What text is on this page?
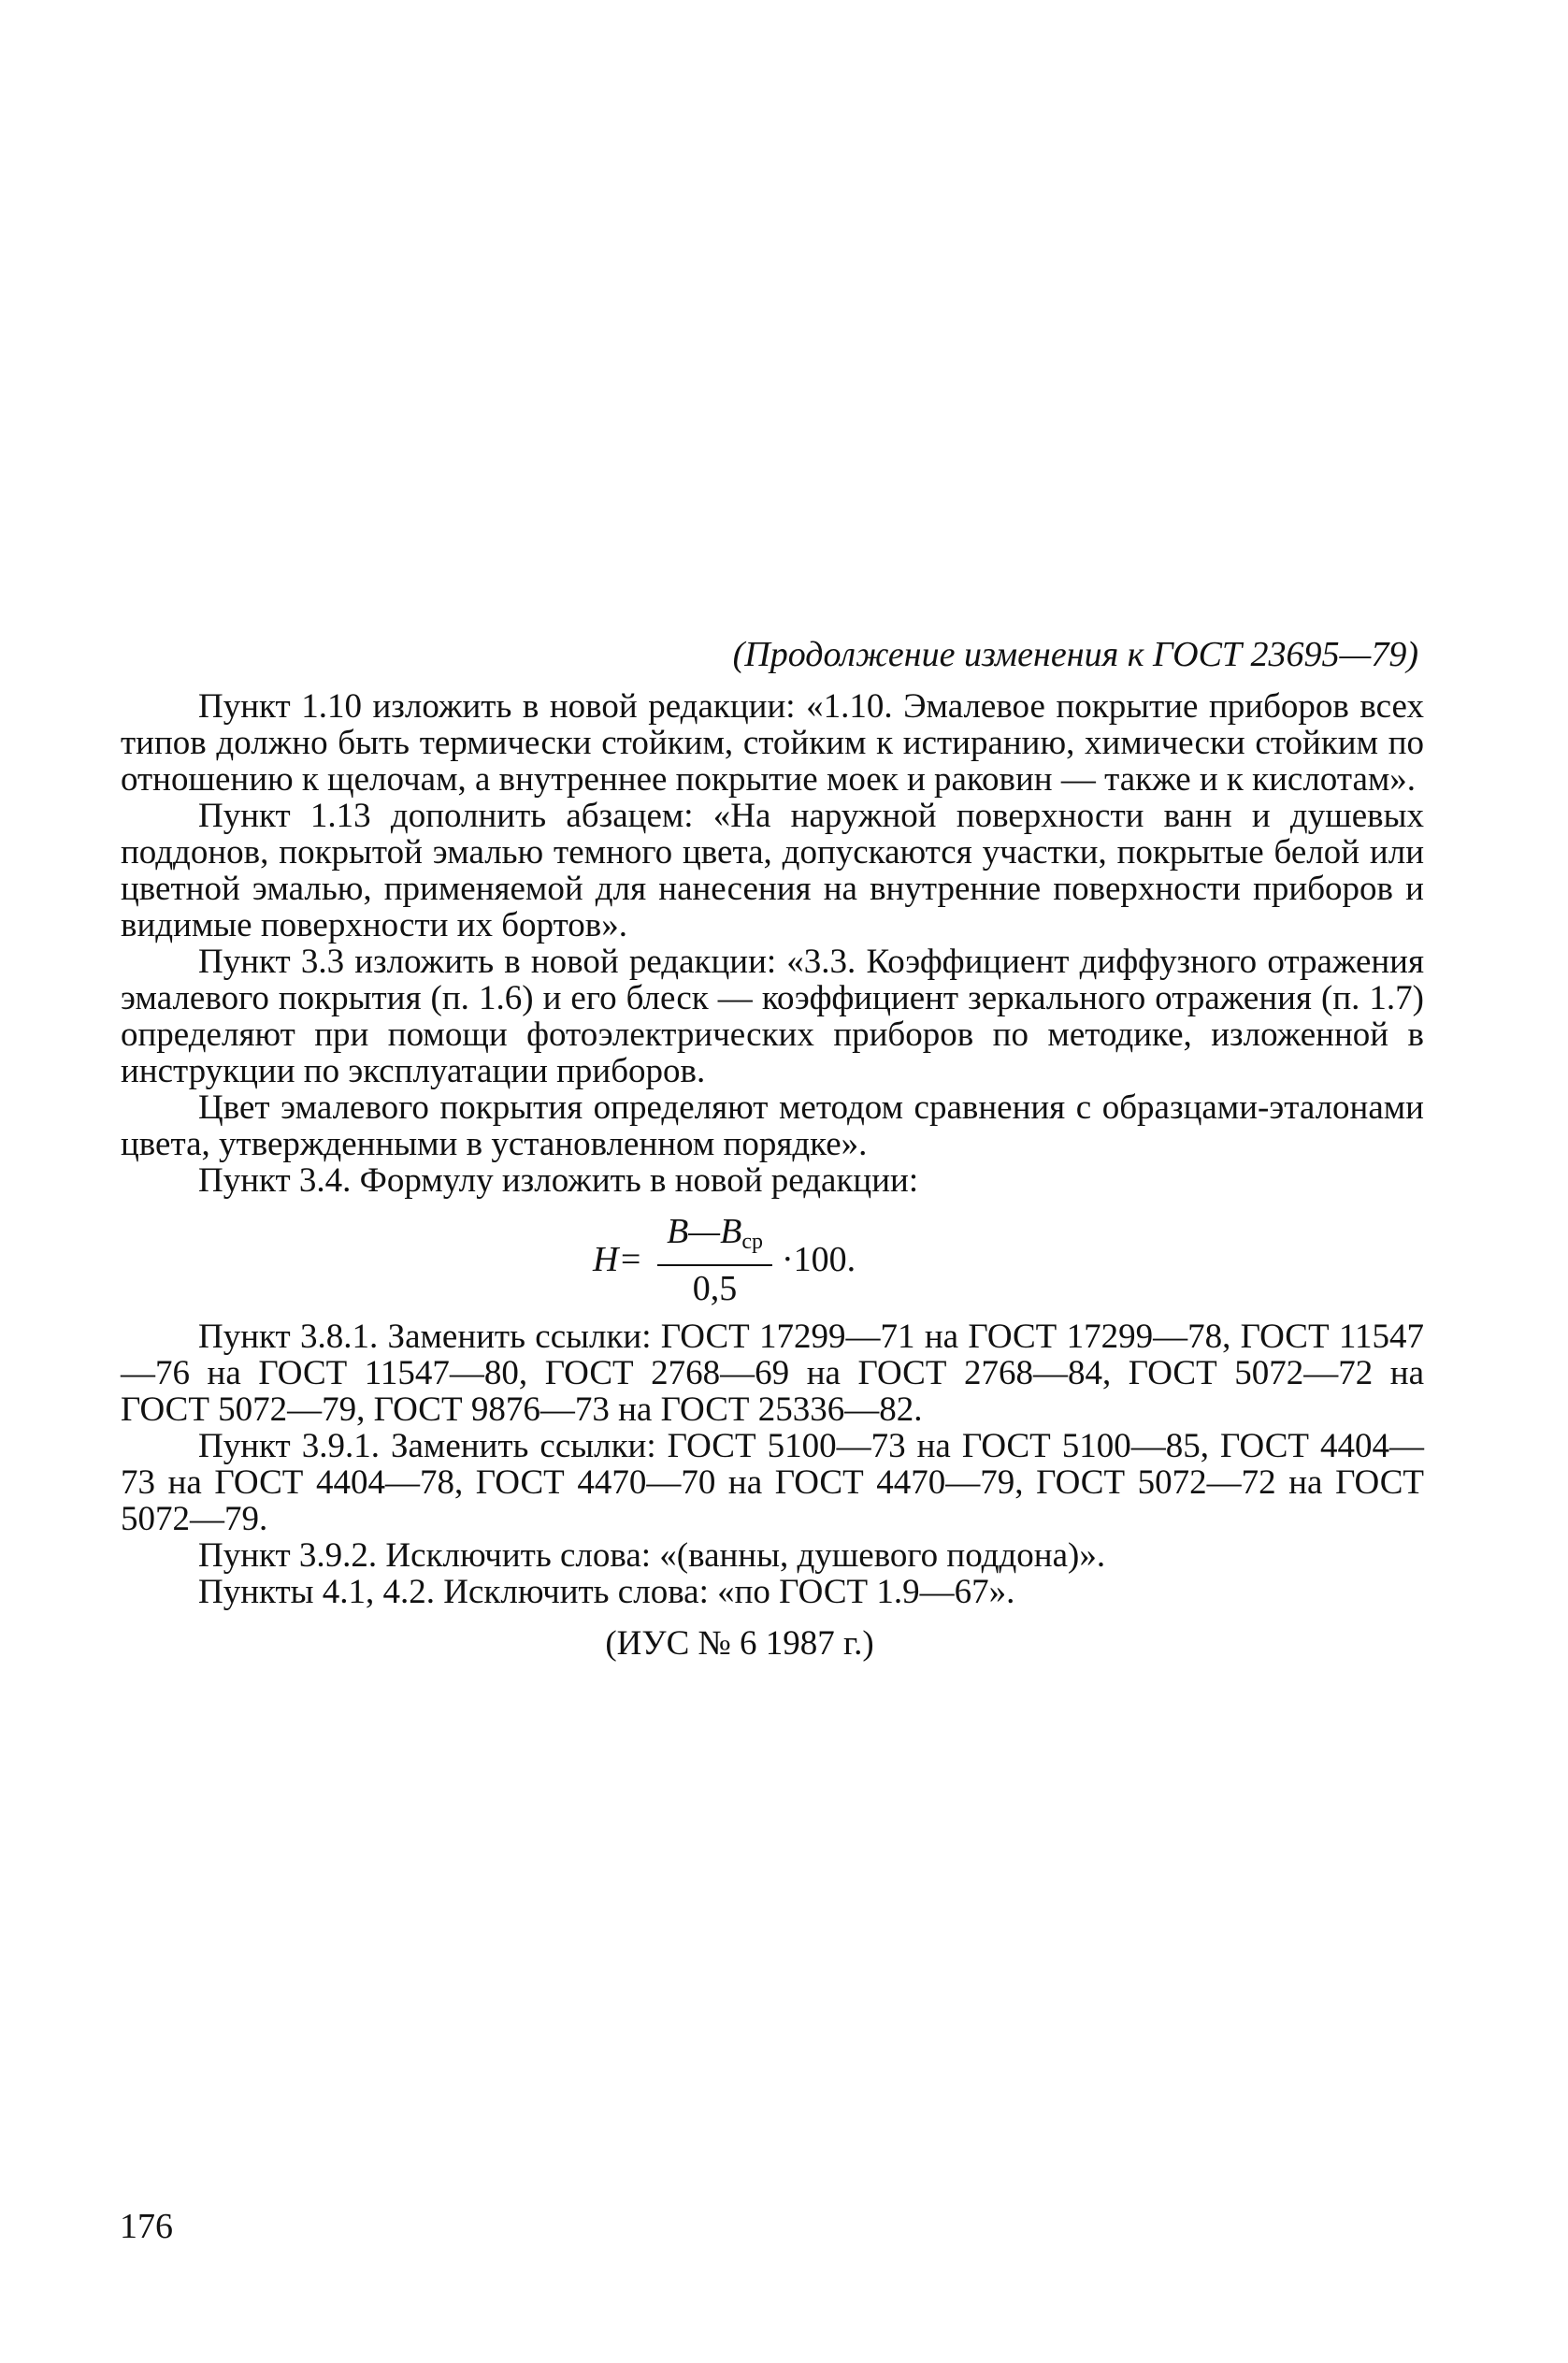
(Продолжение изменения к ГОСТ 23695—79)

Пункт 1.10 изложить в новой редакции: «1.10. Эмалевое покрытие приборов всех типов должно быть термически стойким, стойким к истиранию, химически стойким по отношению к щелочам, а внутреннее покрытие моек и раковин — также и к кислотам».

Пункт 1.13 дополнить абзацем: «На наружной поверхности ванн и душевых поддонов, покрытой эмалью темного цвета, допускаются участки, покрытые белой или цветной эмалью, применяемой для нанесения на внутренние поверхности приборов и видимые поверхности их бортов».

Пункт 3.3 изложить в новой редакции: «3.3. Коэффициент диффузного отражения эмалевого покрытия (п. 1.6) и его блеск — коэффициент зеркального отражения (п. 1.7) определяют при помощи фотоэлектрических приборов по методике, изложенной в инструкции по эксплуатации приборов.

Цвет эмалевого покрытия определяют методом сравнения с образцами-эталонами цвета, утвержденными в установленном порядке».

Пункт 3.4. Формулу изложить в новой редакции:

$H= \frac{B—B_{ср}}{0,5} \cdot 100$.

Пункт 3.8.1. Заменить ссылки: ГОСТ 17299—71 на ГОСТ 17299—78, ГОСТ 11547—76 на ГОСТ 11547—80, ГОСТ 2768—69 на ГОСТ 2768—84, ГОСТ 5072—72 на ГОСТ 5072—79, ГОСТ 9876—73 на ГОСТ 25336—82.

Пункт 3.9.1. Заменить ссылки: ГОСТ 5100—73 на ГОСТ 5100—85, ГОСТ 4404—73 на ГОСТ 4404—78, ГОСТ 4470—70 на ГОСТ 4470—79, ГОСТ 5072—72 на ГОСТ 5072—79.

Пункт 3.9.2. Исключить слова: «(ванны, душевого поддона)».

Пункты 4.1, 4.2. Исключить слова: «по ГОСТ 1.9—67».

(ИУС № 6 1987 г.)

176
